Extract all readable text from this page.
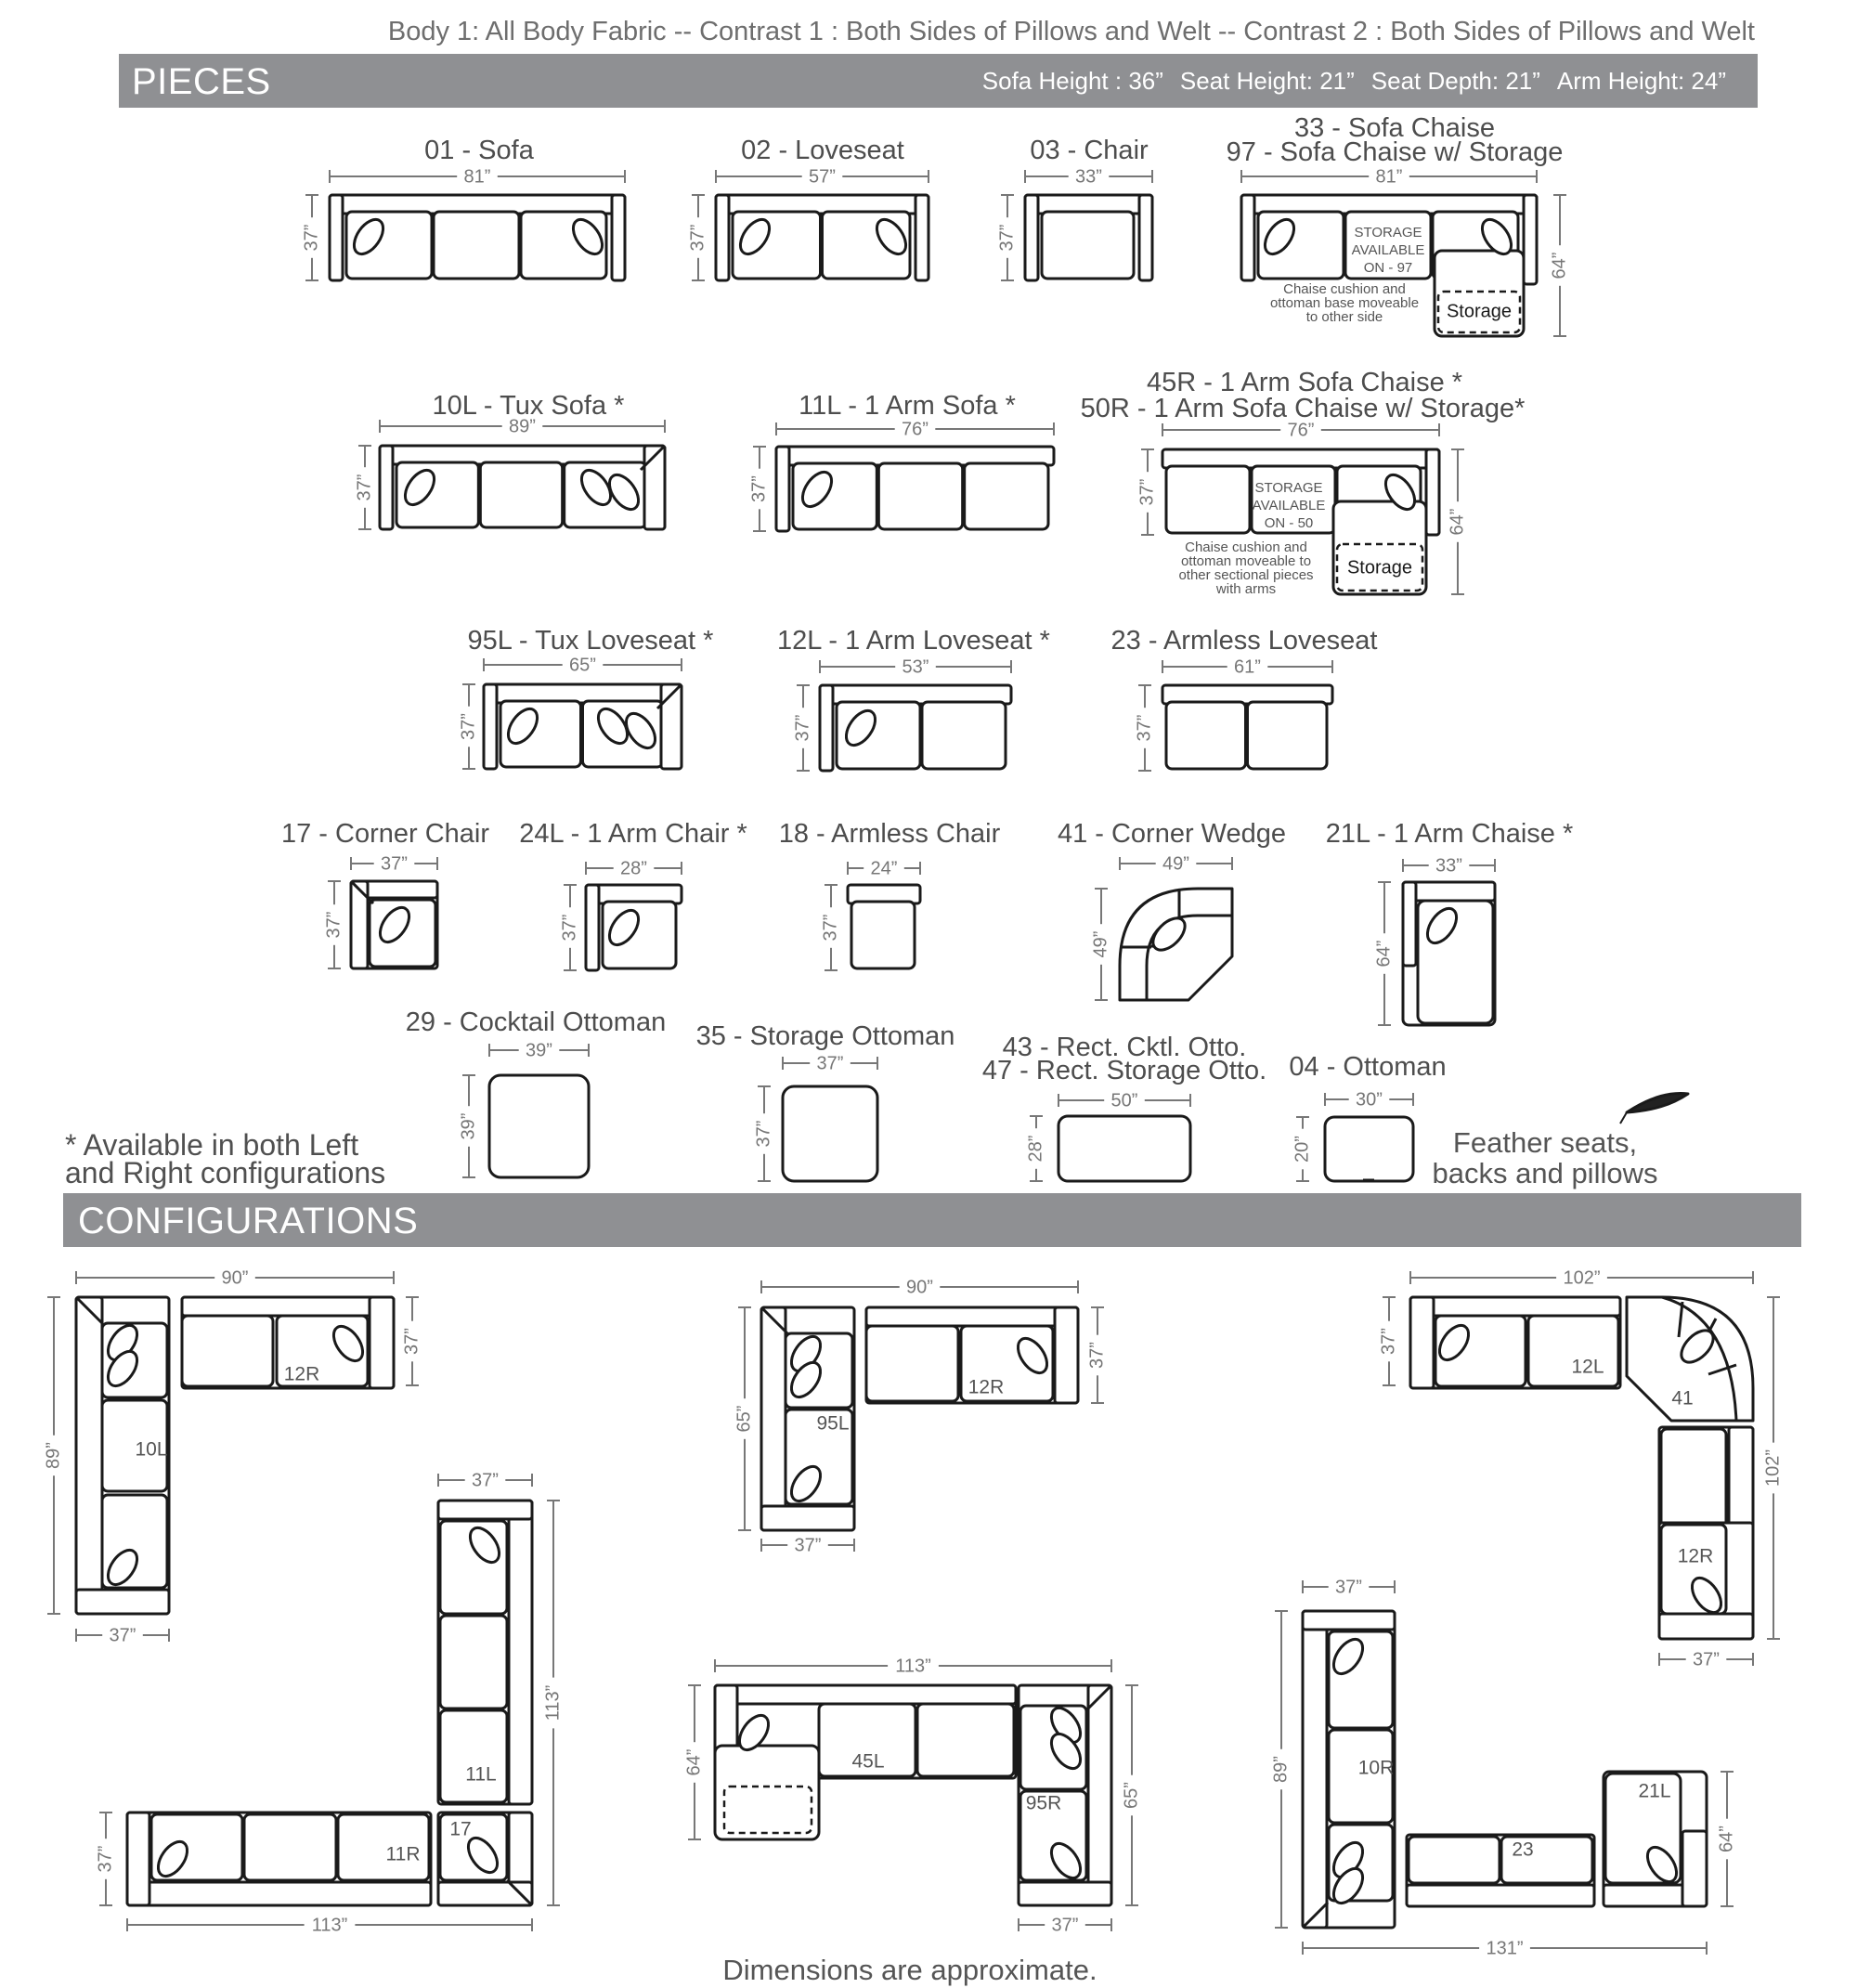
Body 1: All Body Fabric -- Contrast 1 : Both Sides of Pillows and Welt -- Contrast 2 : Both Sides of Pillows and Welt
PIECES	Sofa Height : 36” Seat Height: 21” Seat Depth: 21” Arm Height: 24”
01 - Sofa	02 - Loveseat	03 - Chair
33 - Sofa Chaise
97 - Sofa Chaise w/ Storage
10L - Tux Sofa *	11L - 1 Arm Sofa *
45R - 1 Arm Sofa Chaise *
50R - 1 Arm Sofa Chaise w/ Storage*
95L - Tux Loveseat * 12L - 1 Arm Loveseat * 23 - Armless Loveseat
17 - Corner Chair 24L - 1 Arm Chair * 18 - Armless Chair 41 - Corner Wedge 21L - 1 Arm Chaise *
29 - Cocktail Ottoman 35 - Storage Ottoman 43 - Rect. Cktl. Otto.
47 - Rect. Storage Otto. 04 - Ottoman
* Available in both Left
and Right configurations
Feather seats,
backs and pillows
CONFIGURATIONS
Dimensions are approximate.
81”
37”
57”
37”
33”
37”
81”
64”
Storage
STORAGE
AVAILABLE
ON - 97
Chaise cushion and
ottoman base moveable
to other side
89”
37”
76”
37”
76”
37”
64”
Storage
STORAGE
AVAILABLE
ON - 50
Chaise cushion and
ottoman moveable to
other sectional pieces
with arms
65”
37”
53”
37”
61”
37”
37”
37”
28”
37”
24”
37”
49”
49”
33”
64”
39”
39”
37”
37”
50”
28”
30”
20”
90”
89”
37”
37”
10L
12R
90”
65”
37”
37”
95L
12R
102”
37”
102”
37”
12L
41
12R
37”
113”
37”
113”
11L
17
11R
113”
64”
65”
37”
45L
95R
37”
89”
64”
131”
10R
23
21L
